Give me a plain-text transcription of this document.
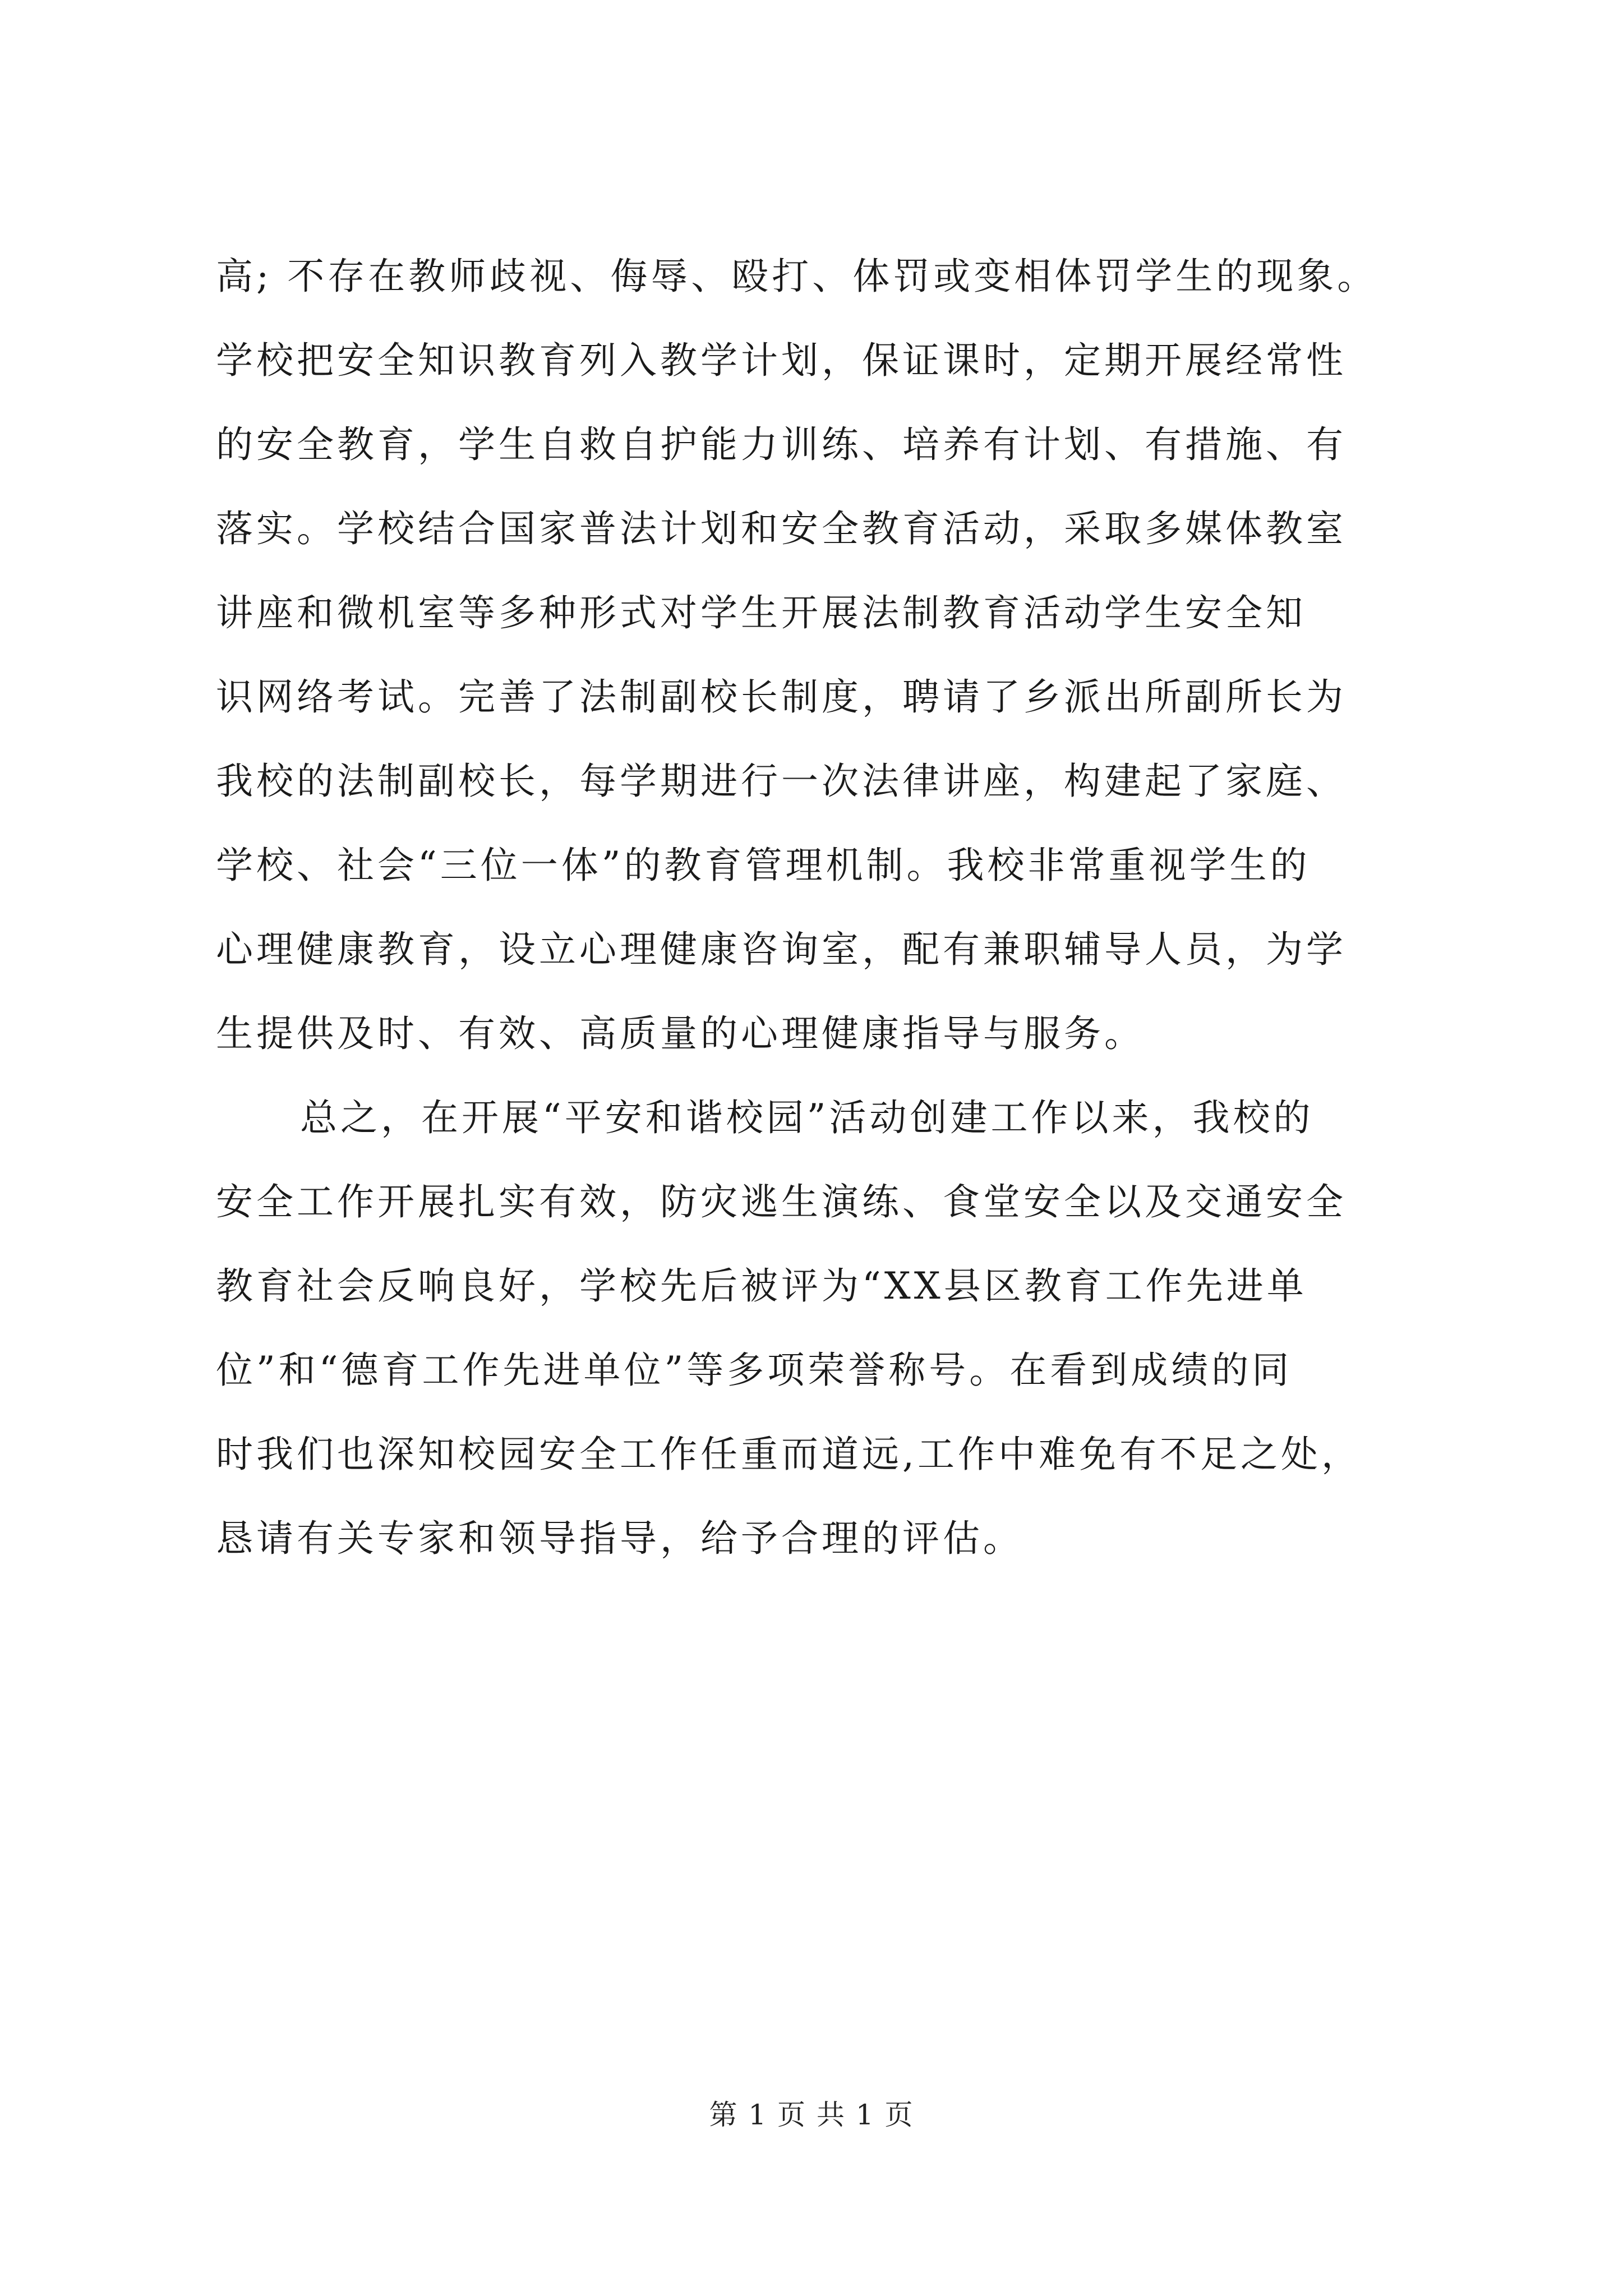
高; 不存在教师歧视、侮辱、殴打、体罚或变相体罚学生的现象。
学校把安全知识教育列入教学计划，保证课时，定期开展经常性
的安全教育，学生自救自护能力训练、培养有计划、有措施、有
落实。学校结合国家普法计划和安全教育活动，采取多媒体教室
讲座和微机室等多种形式对学生开展法制教育活动学生安全知
识网络考试。完善了法制副校长制度，聘请了乡派出所副所长为
我校的法制副校长，每学期进行一次法律讲座，构建起了家庭、
学校、社会“三位一体”的教育管理机制。我校非常重视学生的
心理健康教育，设立心理健康咨询室，配有兼职辅导人员，为学
生提供及时、有效、高质量的心理健康指导与服务。
总之，在开展“平安和谐校园”活动创建工作以来，我校的
安全工作开展扎实有效，防灾逃生演练、食堂安全以及交通安全
教育社会反响良好，学校先后被评为“XX县区教育工作先进单
位”和“德育工作先进单位”等多项荣誉称号。在看到成绩的同
时我们也深知校园安全工作任重而道远,工作中难免有不足之处，
恳请有关专家和领导指导，给予合理的评估。
第 1 页 共 1 页
